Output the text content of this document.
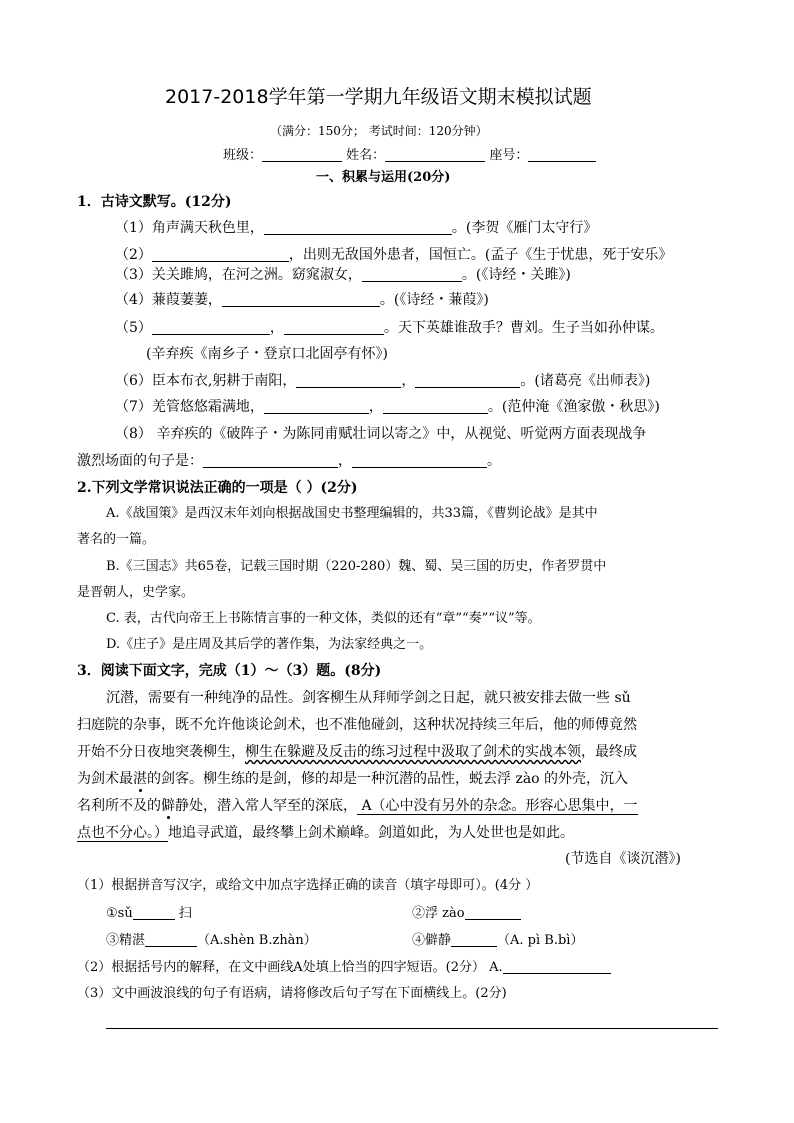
2017-2018学年第一学期九年级语文期末模拟试题
（满分：150分； 考试时间：120分钟）
班级：	姓名：	座号：
一、积累与运用(20分)
1．古诗文默写。(12分)
（1）角声满天秋色里，	。(李贺《雁门太守行》
（2）	，出则无敌国外患者，国恒亡。(孟子《生于忧患，死于安乐》
（3）关关雎鸠，在河之洲。窈窕淑女，	。(《诗经・关雎》)
（4）蒹葭萋萋，	。(《诗经・蒹葭》)
（5）	，	。天下英雄谁敌手？曹刘。生子当如孙仲谋。
(辛弃疾《南乡子・登京口北固亭有怀》)
（6）臣本布衣,躬耕于南阳，	，	。(诸葛亮《出师表》)
（7）羌管悠悠霜满地，	，	。(范仲淹《渔家傲・秋思》)
（8） 辛弃疾的《破阵子・为陈同甫赋壮词以寄之》中，从视觉、听觉两方面表现战争
激烈场面的句子是：	，	。
2.下列文学常识说法正确的一项是（ ）(2分)
A.《战国策》是西汉末年刘向根据战国史书整理编辑的，共33篇，《曹刿论战》是其中
著名的一篇。
B.《三国志》共65卷，记载三国时期（220-280）魏、蜀、吴三国的历史，作者罗贯中
是晋朝人，史学家。
C. 表，古代向帝王上书陈情言事的一种文体，类似的还有“章”“奏”“议”等。
D.《庄子》是庄周及其后学的著作集，为法家经典之一。
3．阅读下面文字，完成（1）～（3）题。(8分)
沉潜，需要有一种纯净的品性。剑客柳生从拜师学剑之日起，就只被安排去做一些 sǔ
扫庭院的杂事，既不允许他谈论剑术，也不准他碰剑，这种状况持续三年后，他的师傅竟然
开始不分日夜地突袭柳生，柳生在躲避及反击的练习过程中汲取了剑术的实战本领，最终成
为剑术最湛的剑客。柳生练的是剑，修的却是一种沉潜的品性，蜕去浮 zào 的外壳，沉入
名利所不及的僻静处，潜入常人罕至的深底， A（心中没有另外的杂念。形容心思集中，一
点也不分心。）地追寻武道，最终攀上剑术巅峰。剑道如此，为人处世也是如此。
(节选自《谈沉潜》)
（1）根据拼音写汉字，或给文中加点字选择正确的读音（填字母即可）。(4分 ）
①sǔ	扫	②浮 zào
③精湛	（A.shèn B.zhàn）	④僻静	（A. pì B.bì）
（2）根据括号内的解释，在文中画线A处填上恰当的四字短语。(2分） A.
（3）文中画波浪线的句子有语病，请将修改后句子写在下面横线上。(2分)
